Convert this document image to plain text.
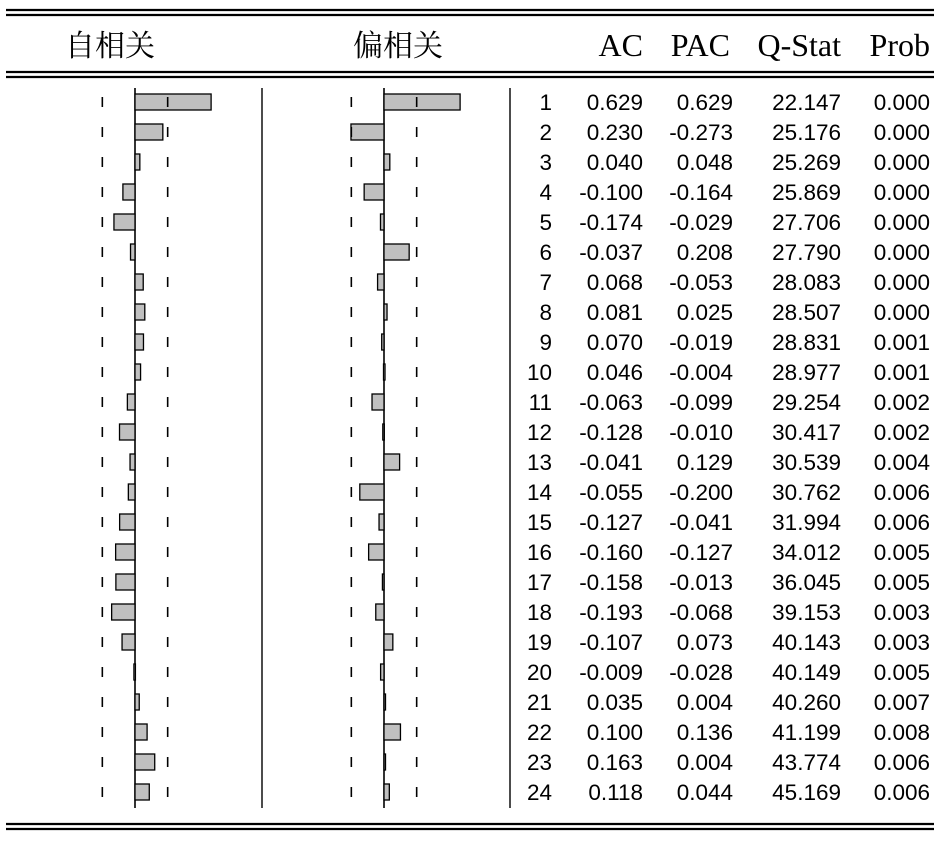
自相关	偏相关	AC PAC Q-Stat Prob
1 0.629 0.629 22.147 0.000
2 0.230 -0.273 25.176 0.000
3 0.040 0.048 25.269 0.000
4 -0.100 -0.164 25.869 0.000
5 -0.174 -0.029 27.706 0.000
6 -0.037 0.208 27.790 0.000
7 0.068 -0.053 28.083 0.000
8 0.081 0.025 28.507 0.000
9 0.070 -0.019 28.831 0.001
10 0.046 -0.004 28.977 0.001
11 -0.063 -0.099 29.254 0.002
12 -0.128 -0.010 30.417 0.002
13 -0.041 0.129 30.539 0.004
14 -0.055 -0.200 30.762 0.006
15 -0.127 -0.041 31.994 0.006
16 -0.160 -0.127 34.012 0.005
17 -0.158 -0.013 36.045 0.005
18 -0.193 -0.068 39.153 0.003
19 -0.107 0.073 40.143 0.003
20 -0.009 -0.028 40.149 0.005
21 0.035 0.004 40.260 0.007
22 0.100 0.136 41.199 0.008
23 0.163 0.004 43.774 0.006
24 0.118 0.044 45.169 0.006
